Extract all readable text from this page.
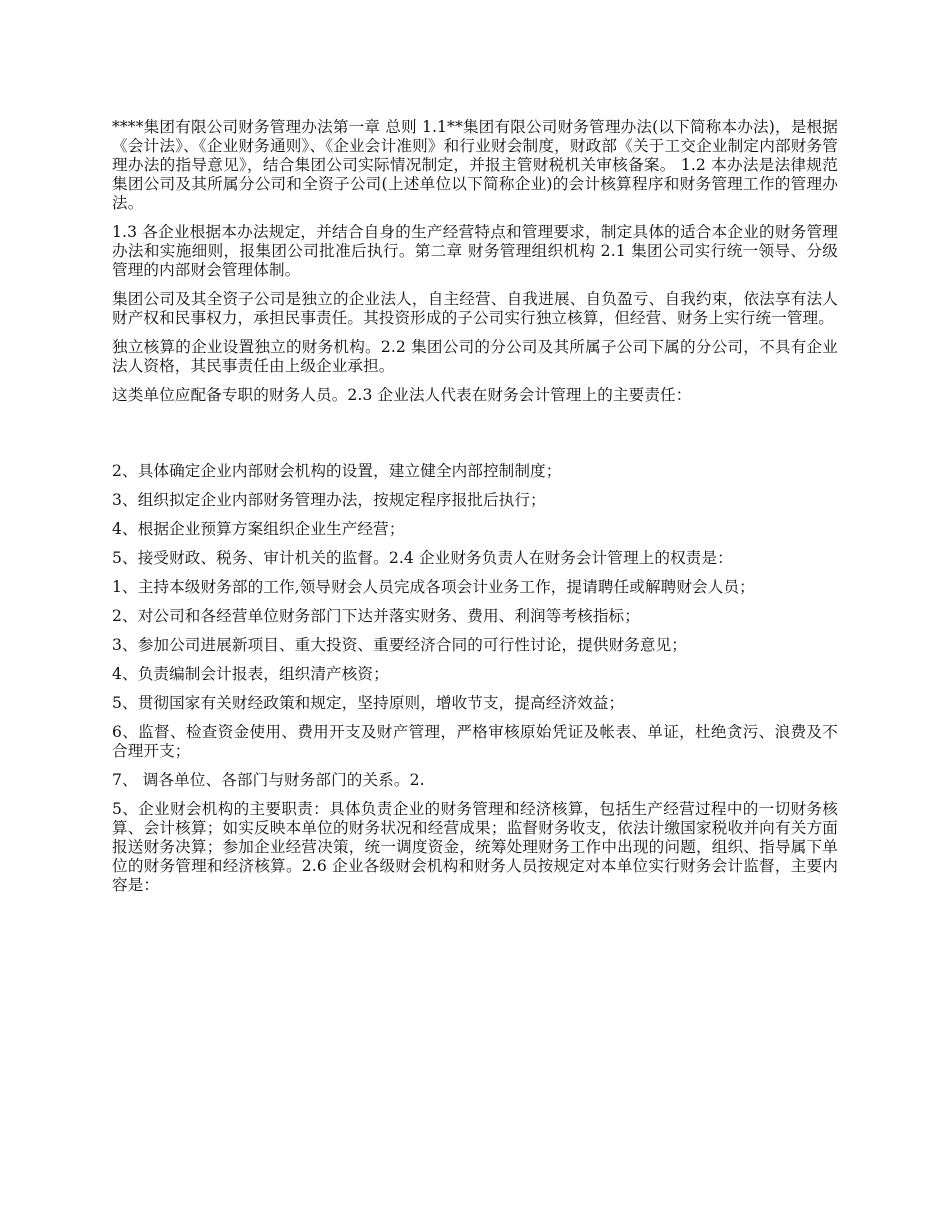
****集团有限公司财务管理办法第一章 总则 1.1**集团有限公司财务管理办法(以下简称本办法)，是根据《会计法》、《企业财务通则》、《企业会计准则》和行业财会制度，财政部《关于工交企业制定内部财务管理办法的指导意见》，结合集团公司实际情况制定，并报主管财税机关审核备案。 1.2 本办法是法律规范集团公司及其所属分公司和全资子公司(上述单位以下简称企业)的会计核算程序和财务管理工作的管理办法。

1.3 各企业根据本办法规定，并结合自身的生产经营特点和管理要求，制定具体的适合本企业的财务管理办法和实施细则，报集团公司批准后执行。第二章 财务管理组织机构 2.1 集团公司实行统一领导、分级管理的内部财会管理体制。

集团公司及其全资子公司是独立的企业法人，自主经营、自我进展、自负盈亏、自我约束，依法享有法人财产权和民事权力，承担民事责任。其投资形成的子公司实行独立核算，但经营、财务上实行统一管理。

独立核算的企业设置独立的财务机构。2.2 集团公司的分公司及其所属子公司下属的分公司，不具有企业法人资格，其民事责任由上级企业承担。

这类单位应配备专职的财务人员。2.3 企业法人代表在财务会计管理上的主要责任：

2、具体确定企业内部财会机构的设置，建立健全内部控制制度；

3、组织拟定企业内部财务管理办法，按规定程序报批后执行；

4、根据企业预算方案组织企业生产经营；

5、接受财政、税务、审计机关的监督。2.4 企业财务负责人在财务会计管理上的权责是：

1、主持本级财务部的工作,领导财会人员完成各项会计业务工作，提请聘任或解聘财会人员；

2、对公司和各经营单位财务部门下达并落实财务、费用、利润等考核指标；

3、参加公司进展新项目、重大投资、重要经济合同的可行性讨论，提供财务意见；

4、负责编制会计报表，组织清产核资；

5、贯彻国家有关财经政策和规定，坚持原则，增收节支，提高经济效益；

6、监督、检查资金使用、费用开支及财产管理，严格审核原始凭证及帐表、单证，杜绝贪污、浪费及不合理开支；

7、 调各单位、各部门与财务部门的关系。2.

5、企业财会机构的主要职责：具体负责企业的财务管理和经济核算，包括生产经营过程中的一切财务核算、会计核算；如实反映本单位的财务状况和经营成果；监督财务收支，依法计缴国家税收并向有关方面报送财务决算；参加企业经营决策，统一调度资金，统筹处理财务工作中出现的问题，组织、指导属下单位的财务管理和经济核算。2.6 企业各级财会机构和财务人员按规定对本单位实行财务会计监督，主要内容是：
